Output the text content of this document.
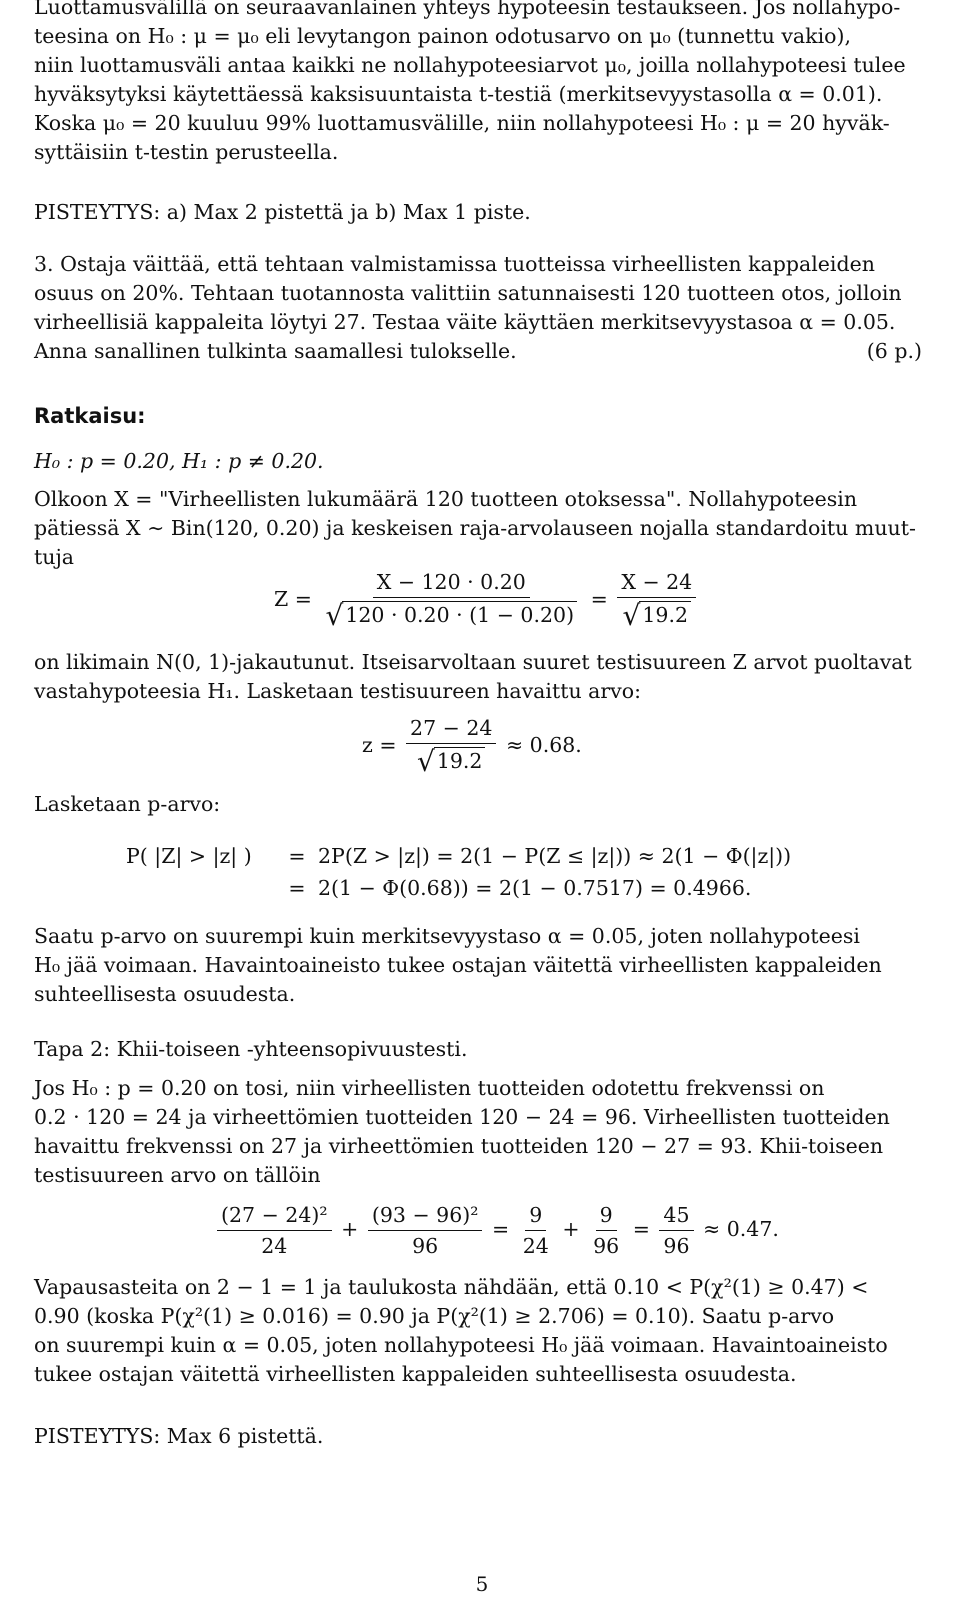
Luottamusvälillä on seuraavanlainen yhteys hypoteesin testaukseen. Jos nollahypo-

teesina on H₀ : μ = μ₀ eli levytangon painon odotusarvo on μ₀ (tunnettu vakio),

niin luottamusväli antaa kaikki ne nollahypoteesiarvot μ₀, joilla nollahypoteesi tulee

hyväksytyksi käytettäessä kaksisuuntaista t-testiä (merkitsevyystasolla α = 0.01).

Koska μ₀ = 20 kuuluu 99% luottamusvälille, niin nollahypoteesi H₀ : μ = 20 hyväk-

syttäisiin t-testin perusteella.

PISTEYTYS: a) Max 2 pistettä ja b) Max 1 piste.

3. Ostaja väittää, että tehtaan valmistamissa tuotteissa virheellisten kappaleiden

osuus on 20%. Tehtaan tuotannosta valittiin satunnaisesti 120 tuotteen otos, jolloin

virheellisiä kappaleita löytyi 27. Testaa väite käyttäen merkitsevyystasoa α = 0.05.

Anna sanallinen tulkinta saamallesi tulokselle.	(6 p.)

Ratkaisu:

H₀ : p = 0.20, H₁ : p ≠ 0.20.

Olkoon X = "Virheellisten lukumäärä 120 tuotteen otoksessa". Nollahypoteesin

pätiessä X ∼ Bin(120, 0.20) ja keskeisen raja-arvolauseen nojalla standardoitu muut-

tuja

$Z = \frac{X - 120 \cdot 0.20}{√ 120 \cdot 0.20 \cdot (1 - 0.20)} = \frac{X - 24}{√ 19.2}$

on likimain N(0, 1)-jakautunut. Itseisarvoltaan suuret testisuureen Z arvot puoltavat

vastahypoteesia H₁. Lasketaan testisuureen havaittu arvo:

$z = \frac{27 - 24}{√ 19.2} \approx 0.68$.

Lasketaan p-arvo:

P( |Z| > |z| )	= 2P(Z > |z|) = 2(1 − P(Z ≤ |z|)) ≈ 2(1 − Φ(|z|))
= 2(1 − Φ(0.68)) = 2(1 − 0.7517) = 0.4966.

Saatu p-arvo on suurempi kuin merkitsevyystaso α = 0.05, joten nollahypoteesi

H₀ jää voimaan. Havaintoaineisto tukee ostajan väitettä virheellisten kappaleiden

suhteellisesta osuudesta.

Tapa 2: Khii-toiseen -yhteensopivuustesti.

Jos H₀ : p = 0.20 on tosi, niin virheellisten tuotteiden odotettu frekvenssi on

0.2 · 120 = 24 ja virheettömien tuotteiden 120 − 24 = 96. Virheellisten tuotteiden

havaittu frekvenssi on 27 ja virheettömien tuotteiden 120 − 27 = 93. Khii-toiseen

testisuureen arvo on tällöin

$\frac{\text{(27 − 24)²}}{24} + \frac{\text{(93 − 96)²}}{96} = \frac{9}{24} + \frac{9}{96} = \frac{45}{96} \approx 0.47$.

Vapausasteita on 2 − 1 = 1 ja taulukosta nähdään, että 0.10 < P(χ²(1) ≥ 0.47) <

0.90 (koska P(χ²(1) ≥ 0.016) = 0.90 ja P(χ²(1) ≥ 2.706) = 0.10). Saatu p-arvo

on suurempi kuin α = 0.05, joten nollahypoteesi H₀ jää voimaan. Havaintoaineisto

tukee ostajan väitettä virheellisten kappaleiden suhteellisesta osuudesta.

PISTEYTYS: Max 6 pistettä.

5
